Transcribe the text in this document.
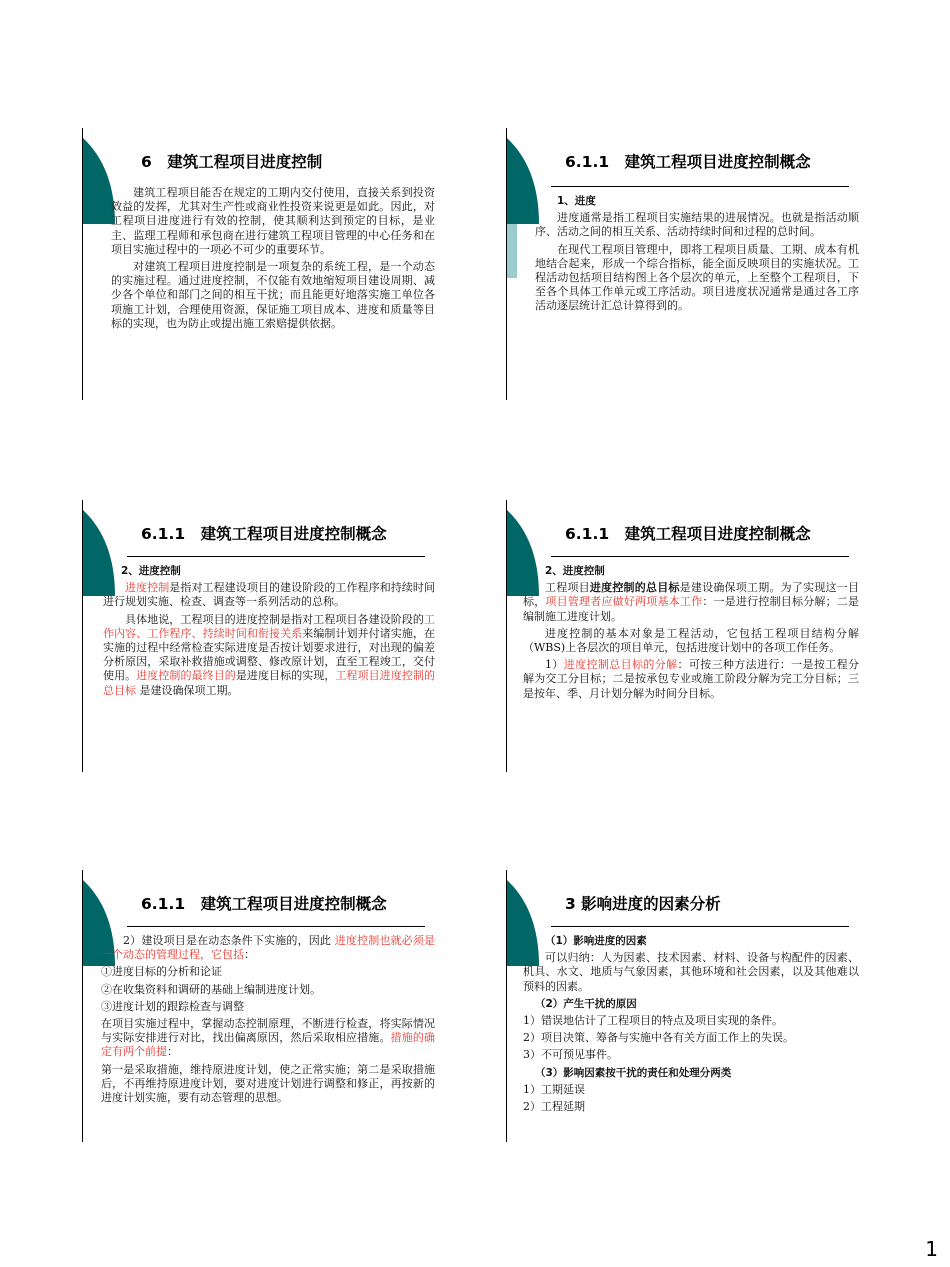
6　建筑工程项目进度控制

建筑工程项目能否在规定的工期内交付使用，直接关系到投资效益的发挥，尤其对生产性或商业性投资来说更是如此。因此，对工程项目进度进行有效的控制，使其顺利达到预定的目标，是业主、监理工程师和承包商在进行建筑工程项目管理的中心任务和在项目实施过程中的一项必不可少的重要环节。

对建筑工程项目进度控制是一项复杂的系统工程，是一个动态的实施过程。通过进度控制，不仅能有效地缩短项目建设周期、减少各个单位和部门之间的相互干扰；而且能更好地落实施工单位各项施工计划，合理使用资源，保证施工项目成本、进度和质量等目标的实现，也为防止或提出施工索赔提供依据。

6.1.1　建筑工程项目进度控制概念

1、进度

进度通常是指工程项目实施结果的进展情况。也就是指活动顺序、活动之间的相互关系、活动持续时间和过程的总时间。

在现代工程项目管理中，即将工程项目质量、工期、成本有机地结合起来，形成一个综合指标，能全面反映项目的实施状况。工程活动包括项目结构图上各个层次的单元，上至整个工程项目，下至各个具体工作单元或工序活动。项目进度状况通常是通过各工序活动逐层统计汇总计算得到的。

6.1.1　建筑工程项目进度控制概念

2、进度控制

进度控制是指对工程建设项目的建设阶段的工作程序和持续时间进行规划实施、检查、调查等一系列活动的总称。

具体地说，工程项目的进度控制是指对工程项目各建设阶段的工作内容、工作程序、持续时间和衔接关系来编制计划并付诸实施，在实施的过程中经常检查实际进度是否按计划要求进行，对出现的偏差分析原因，采取补救措施或调整、修改原计划，直至工程竣工，交付使用。进度控制的最终目的是进度目标的实现，工程项目进度控制的总目标 是建设确保项工期。

6.1.1　建筑工程项目进度控制概念

2、进度控制

工程项目进度控制的总目标是建设确保项工期。为了实现这一目标，项目管理者应做好两项基本工作：一是进行控制目标分解；二是编制施工进度计划。

进度控制的基本对象是工程活动，它包括工程项目结构分解（WBS)上各层次的项目单元，包括进度计划中的各项工作任务。

1）进度控制总目标的分解：可按三种方法进行：一是按工程分解为交工分目标；二是按承包专业或施工阶段分解为完工分目标；三是按年、季、月计划分解为时间分目标。

6.1.1　建筑工程项目进度控制概念

2）建设项目是在动态条件下实施的，因此 进度控制也就必须是一个动态的管理过程，它包括：

①进度目标的分析和论证

②在收集资料和调研的基础上编制进度计划。

③进度计划的跟踪检查与调整

在项目实施过程中，掌握动态控制原理，不断进行检查，将实际情况与实际安排进行对比，找出偏离原因，然后采取相应措施。措施的确定有两个前提：

第一是采取措施，维持原进度计划，使之正常实施；第二是采取措施后，不再维持原进度计划，要对进度计划进行调整和修正，再按新的进度计划实施，要有动态管理的思想。

3 影响进度的因素分析

（1）影响进度的因素

可以归纳：人为因素、技术因素、材料、设备与构配件的因素、机具、水文、地质与气象因素，其他环境和社会因素，以及其他难以预料的因素。

（2）产生干扰的原因

1）错误地估计了工程项目的特点及项目实现的条件。

2）项目决策、筹备与实施中各有关方面工作上的失误。

3）不可预见事件。

（3）影响因素按干扰的责任和处理分两类

1）工期延误

2）工程延期

1
